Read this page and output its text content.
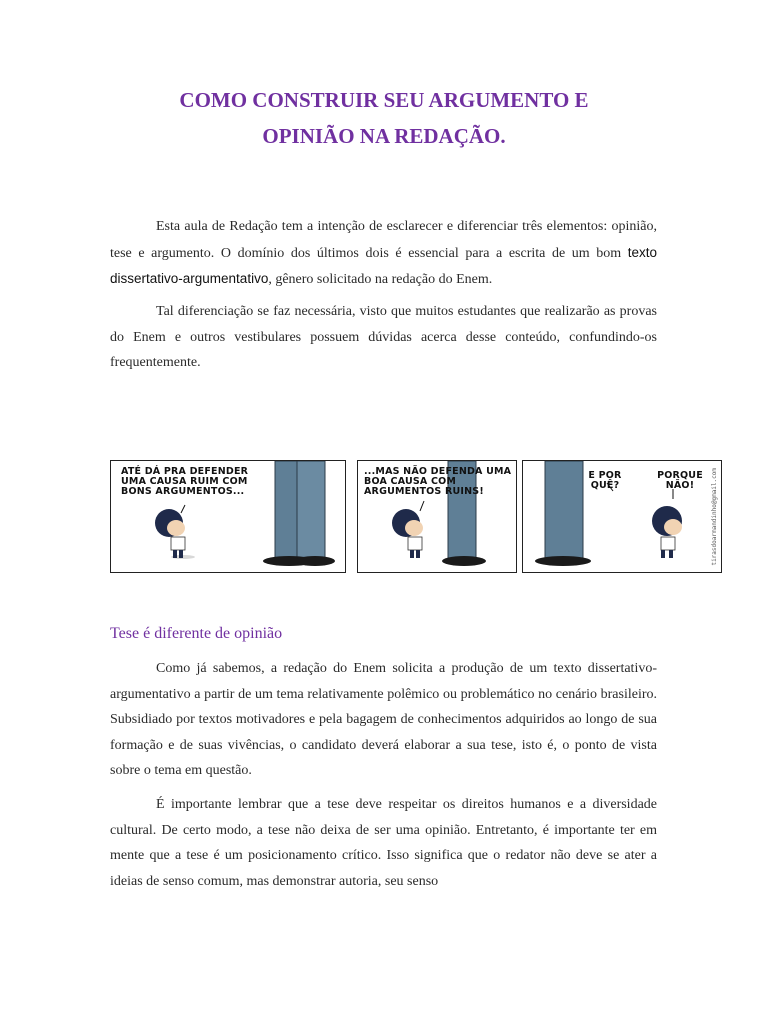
COMO CONSTRUIR SEU ARGUMENTO E
OPINIÃO NA REDAÇÃO.

Esta aula de Redação tem a intenção de esclarecer e diferenciar três elementos: opinião, tese e argumento. O domínio dos últimos dois é essencial para a escrita de um bom texto dissertativo-argumentativo, gênero solicitado na redação do Enem.

Tal diferenciação se faz necessária, visto que muitos estudantes que realizarão as provas do Enem e outros vestibulares possuem dúvidas acerca desse conteúdo, confundindo-os frequentemente.

ATÉ DÁ PRA DEFENDER UMA CAUSA RUIM COM BONS ARGUMENTOS...
...MAS NÃO DEFENDA UMA BOA CAUSA COM ARGUMENTOS RUINS!
E POR QUÊ?
PORQUE NÃO!	tirasdoarmandinho@gmail.com
Tese é diferente de opinião

Como já sabemos, a redação do Enem solicita a produção de um texto dissertativo-argumentativo a partir de um tema relativamente polêmico ou problemático no cenário brasileiro. Subsidiado por textos motivadores e pela bagagem de conhecimentos adquiridos ao longo de sua formação e de suas vivências, o candidato deverá elaborar a sua tese, isto é, o ponto de vista sobre o tema em questão.

É importante lembrar que a tese deve respeitar os direitos humanos e a diversidade cultural. De certo modo, a tese não deixa de ser uma opinião. Entretanto, é importante ter em mente que a tese é um posicionamento crítico. Isso significa que o redator não deve se ater a ideias de senso comum, mas demonstrar autoria, seu senso
